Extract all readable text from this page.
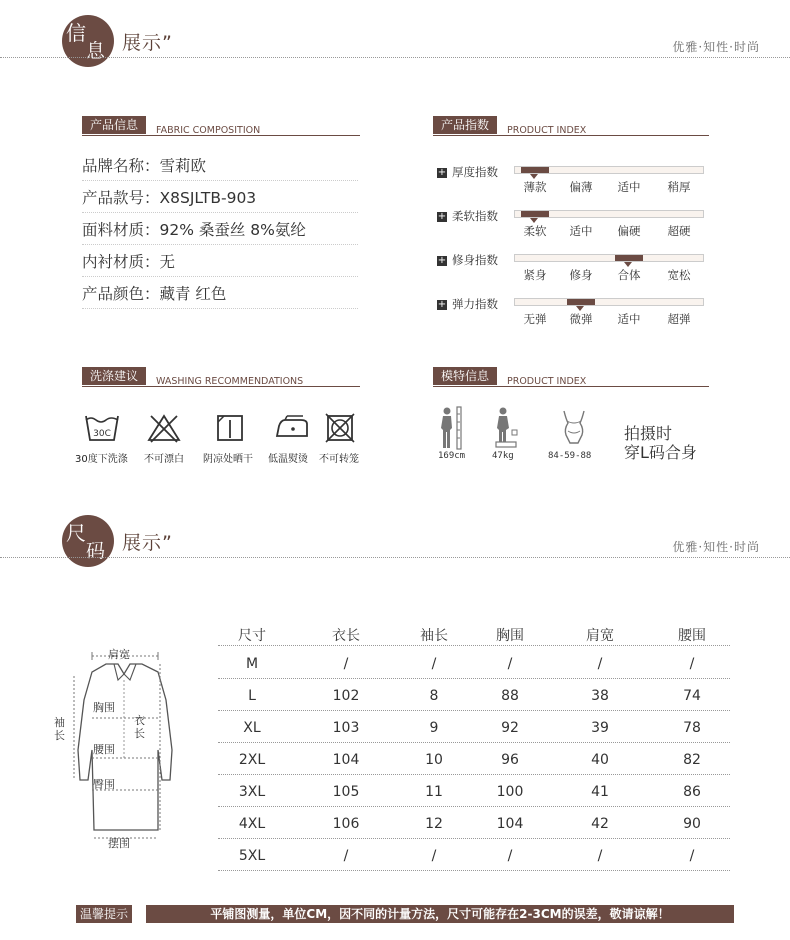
信
息 展示”	优雅·知性·时尚
产品信息	FABRIC COMPOSITION
品牌名称：雪莉欧
产品款号：X8SJLTB-903
面料材质：92% 桑蚕丝 8%氨纶
内衬材质：无
产品颜色：藏青 红色
产品指数	PRODUCT INDEX
+ 厚度指数
薄款	偏薄	适中	稍厚
+ 柔软指数
柔软	适中	偏硬	超硬
+ 修身指数
紧身	修身	合体	宽松
+ 弹力指数
无弹	微弹	适中	超弹
洗涤建议	WASHING RECOMMENDATIONS
30C
30度下洗涤 不可漂白 阴凉处晒干 低温熨烫 不可转笼
模特信息	PRODUCT INDEX
169cm	47kg	84-59-88
拍摄时
穿L码合身
尺
码 展示”	优雅·知性·时尚
肩宽
袖
长
胸围
衣
长
腰围
臀围
摆围
尺寸	衣长	袖长	胸围	肩宽	腰围
M	/	/	/	/	/
L	102	8	88	38	74
XL	103	9	92	39	78
2XL	104	10	96	40	82
3XL	105	11	100	41	86
4XL	106	12	104	42	90
5XL	/	/	/	/	/
温馨提示	平铺图测量，单位CM，因不同的计量方法，尺寸可能存在2-3CM的误差，敬请谅解！
